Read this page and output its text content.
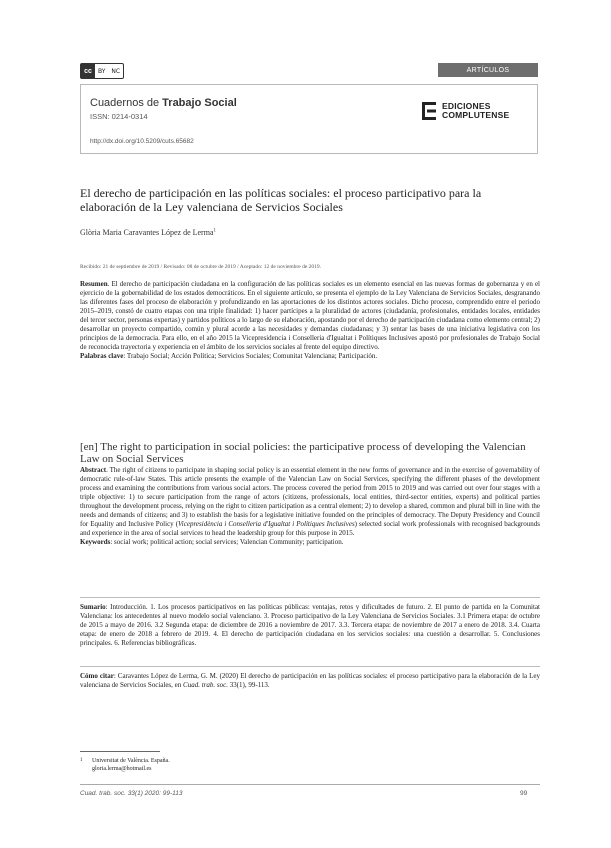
cc	BY NC	ARTÍCULOS
Cuadernos de Trabajo Social
ISSN: 0214-0314
http://dx.doi.org/10.5209/cuts.65682
EDICIONES
COMPLUTENSE
El derecho de participación en las políticas sociales: el proceso participativo para la elaboración de la Ley valenciana de Servicios Sociales
Glòria Maria Caravantes López de Lerma$^1$
Recibido: 21 de septiembre de 2019 / Revisado: 08 de octubre de 2019 / Aceptado: 12 de noviembre de 2019.
Resumen. El derecho de participación ciudadana en la configuración de las políticas sociales es un elemento esencial en las nuevas formas de gobernanza y en el ejercicio de la gobernabilidad de los estados democráticos. En el siguiente artículo, se presenta el ejemplo de la Ley Valenciana de Servicios Sociales, desgranando las diferentes fases del proceso de elaboración y profundizando en las aportaciones de los distintos actores sociales. Dicho proceso, comprendido entre el periodo 2015–2019, constó de cuatro etapas con una triple finalidad: 1) hacer partícipes a la pluralidad de actores (ciudadanía, profesionales, entidades locales, entidades del tercer sector, personas expertas) y partidos políticos a lo largo de su elaboración, apostando por el derecho de participación ciudadana como elemento central; 2) desarrollar un proyecto compartido, común y plural acorde a las necesidades y demandas ciudadanas; y 3) sentar las bases de una iniciativa legislativa con los principios de la democracia. Para ello, en el año 2015 la Vicepresidencia i Conselleria d'Igualtat i Polítiques Inclusives apostó por profesionales de Trabajo Social de reconocida trayectoria y experiencia en el ámbito de los servicios sociales al frente del equipo directivo.
Palabras clave: Trabajo Social; Acción Política; Servicios Sociales; Comunitat Valenciana; Participación.
[en] The right to participation in social policies: the participative process of developing the Valencian Law on Social Services
Abstract. The right of citizens to participate in shaping social policy is an essential element in the new forms of governance and in the exercise of governability of democratic rule-of-law States. This article presents the example of the Valencian Law on Social Services, specifying the different phases of the development process and examining the contributions from various social actors. The process covered the period from 2015 to 2019 and was carried out over four stages with a triple objective: 1) to secure participation from the range of actors (citizens, professionals, local entities, third-sector entities, experts) and political parties throughout the development process, relying on the right to citizen participation as a central element; 2) to develop a shared, common and plural bill in line with the needs and demands of citizens; and 3) to establish the basis for a legislative initiative founded on the principles of democracy. The Deputy Presidency and Council for Equality and Inclusive Policy (Vicepresidència i Conselleria d'Igualtat i Polítiques Inclusives) selected social work professionals with recognised backgrounds and experience in the area of social services to head the leadership group for this purpose in 2015.
Keywords: social work; political action; social services; Valencian Community; participation.
Sumario: Introducción. 1. Los procesos participativos en las políticas públicas: ventajas, retos y dificultades de futuro. 2. El punto de partida en la Comunitat Valenciana: los antecedentes al nuevo modelo social valenciano. 3. Proceso participativo de la Ley Valenciana de Servicios Sociales. 3.1 Primera etapa: de octubre de 2015 a mayo de 2016. 3.2 Segunda etapa: de diciembre de 2016 a noviembre de 2017. 3.3. Tercera etapa: de noviembre de 2017 a enero de 2018. 3.4. Cuarta etapa: de enero de 2018 a febrero de 2019. 4. El derecho de participación ciudadana en los servicios sociales: una cuestión a desarrollar. 5. Conclusiones principales. 6. Referencias bibliográficas.
Cómo citar: Caravantes López de Lerma, G. M. (2020) El derecho de participación en las políticas sociales: el proceso participativo para la elaboración de la Ley valenciana de Servicios Sociales, en Cuad. trab. soc. 33(1), 99-113.
1 Universitat de València. España.
gloria.lerma@hotmail.es
Cuad. trab. soc. 33(1) 2020: 99-113	99
